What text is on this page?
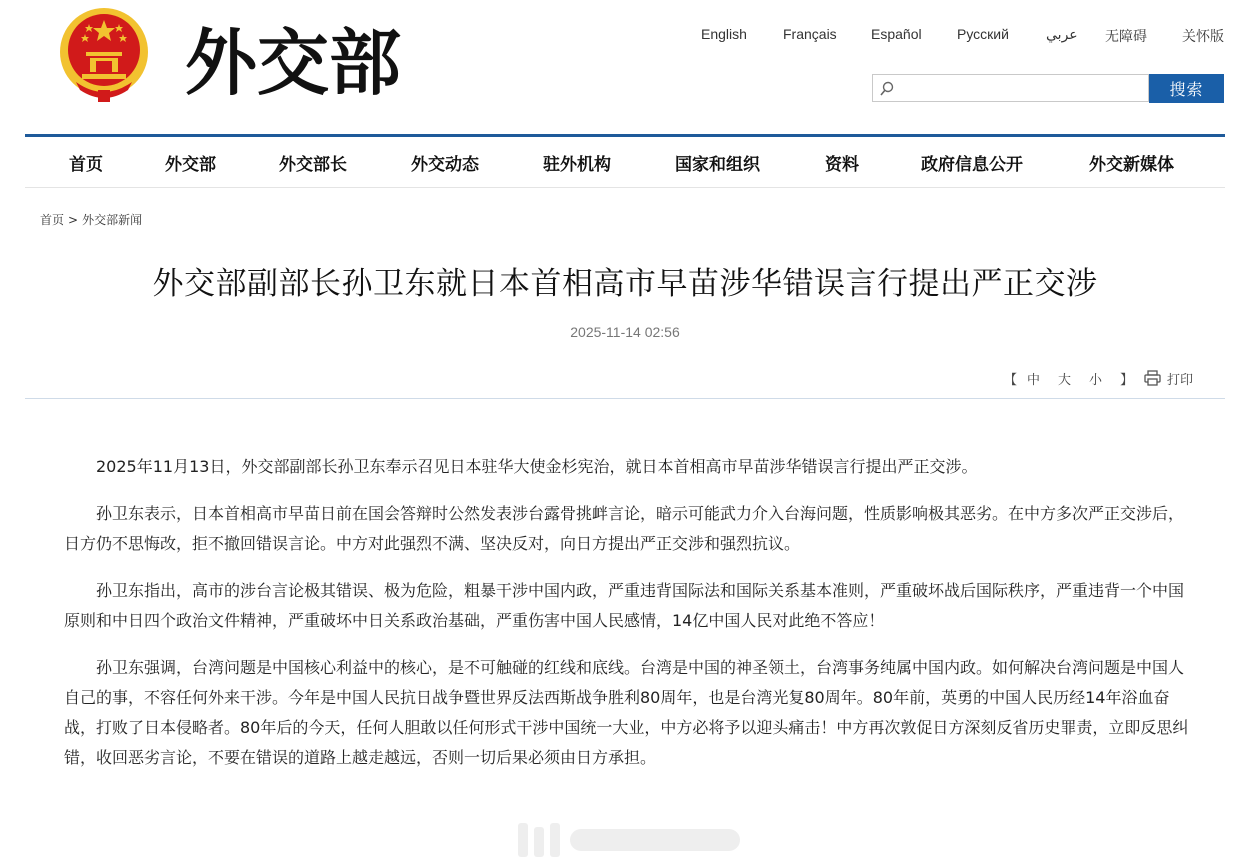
外交部	English	Français Español	Русский	عربي 无障碍	关怀版
搜索
首页	外交部	外交部长	外交动态	驻外机构	国家和组织	资料	政府信息公开	外交新媒体
首页 > 外交部新闻
外交部副部长孙卫东就日本首相高市早苗涉华错误言行提出严正交涉
2025-11-14 02:56
【 中 大 小 】	打印

2025年11月13日，外交部副部长孙卫东奉示召见日本驻华大使金杉宪治，就日本首相高市早苗涉华错误言行提出严正交涉。

孙卫东表示，日本首相高市早苗日前在国会答辩时公然发表涉台露骨挑衅言论，暗示可能武力介入台海问题，性质影响极其恶劣。在中方多次严正交涉后，日方仍不思悔改，拒不撤回错误言论。中方对此强烈不满、坚决反对，向日方提出严正交涉和强烈抗议。

孙卫东指出，高市的涉台言论极其错误、极为危险，粗暴干涉中国内政，严重违背国际法和国际关系基本准则，严重破坏战后国际秩序，严重违背一个中国原则和中日四个政治文件精神，严重破坏中日关系政治基础，严重伤害中国人民感情，14亿中国人民对此绝不答应！

孙卫东强调，台湾问题是中国核心利益中的核心，是不可触碰的红线和底线。台湾是中国的神圣领土，台湾事务纯属中国内政。如何解决台湾问题是中国人自己的事，不容任何外来干涉。今年是中国人民抗日战争暨世界反法西斯战争胜利80周年，也是台湾光复80周年。80年前，英勇的中国人民历经14年浴血奋战，打败了日本侵略者。80年后的今天，任何人胆敢以任何形式干涉中国统一大业，中方必将予以迎头痛击！中方再次敦促日方深刻反省历史罪责，立即反思纠错，收回恶劣言论，不要在错误的道路上越走越远，否则一切后果必须由日方承担。
